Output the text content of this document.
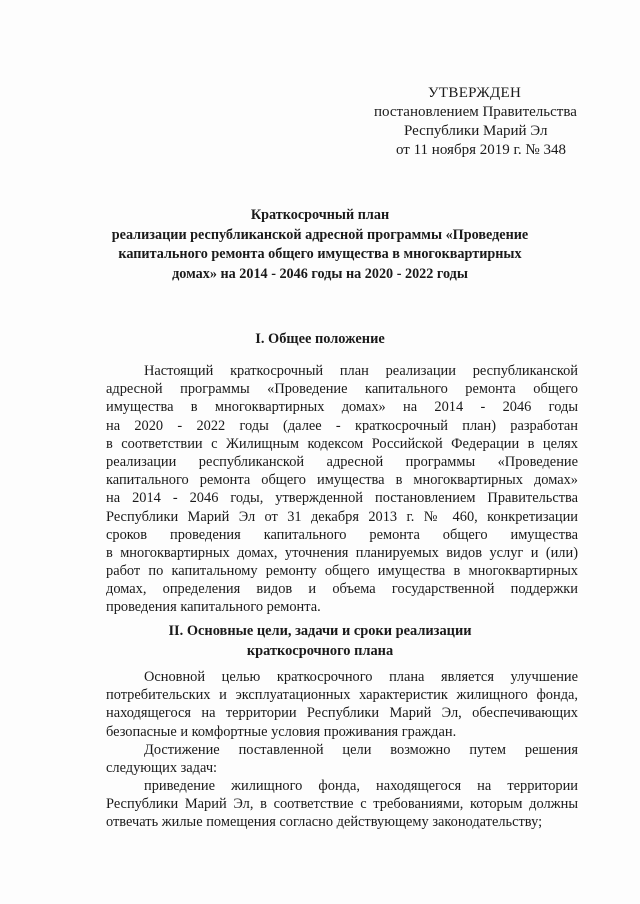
УТВЕРЖДЕН
постановлением Правительства
Республики Марий Эл
от 11 ноября 2019 г. № 348
Краткосрочный план
реализации республиканской адресной программы «Проведение
капитального ремонта общего имущества в многоквартирных
домах» на 2014 - 2046 годы на 2020 - 2022 годы
I. Общее положение
Настоящий краткосрочный план реализации республиканской
адресной программы «Проведение капитального ремонта общего
имущества в многоквартирных домах» на 2014 - 2046 годы
на 2020 - 2022 годы (далее - краткосрочный план) разработан
в соответствии с Жилищным кодексом Российской Федерации в целях
реализации республиканской адресной программы «Проведение
капитального ремонта общего имущества в многоквартирных домах»
на 2014 - 2046 годы, утвержденной постановлением Правительства
Республики Марий Эл от 31 декабря 2013 г. № 460, конкретизации
сроков проведения капитального ремонта общего имущества
в многоквартирных домах, уточнения планируемых видов услуг и (или)
работ по капитальному ремонту общего имущества в многоквартирных
домах, определения видов и объема государственной поддержки
проведения капитального ремонта.
II. Основные цели, задачи и сроки реализации
краткосрочного плана
Основной целью краткосрочного плана является улучшение
потребительских и эксплуатационных характеристик жилищного фонда,
находящегося на территории Республики Марий Эл, обеспечивающих
безопасные и комфортные условия проживания граждан.
Достижение поставленной цели возможно путем решения
следующих задач:
приведение жилищного фонда, находящегося на территории
Республики Марий Эл, в соответствие с требованиями, которым должны
отвечать жилые помещения согласно действующему законодательству;
